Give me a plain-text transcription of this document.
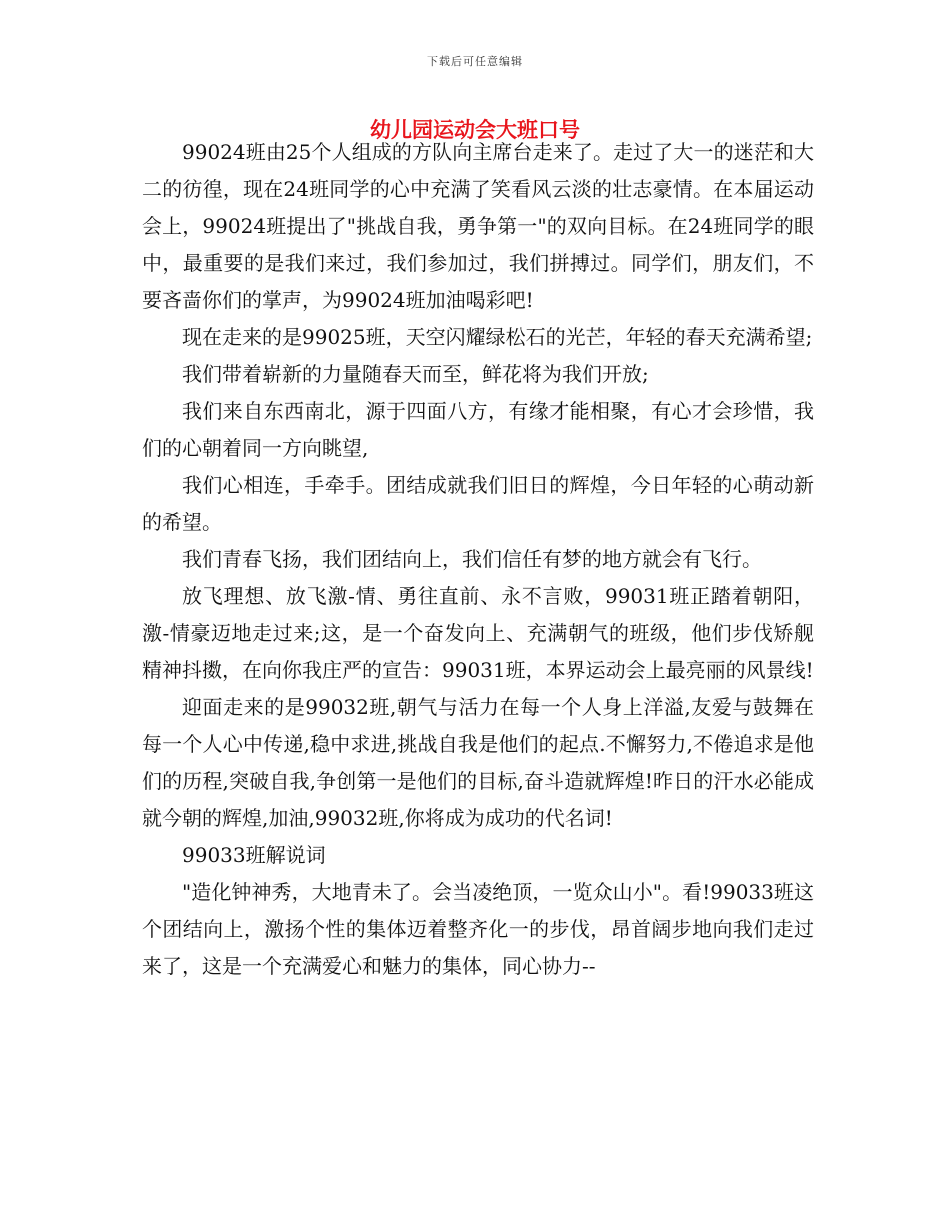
下载后可任意编辑
幼儿园运动会大班口号

99024班由25个人组成的方队向主席台走来了。走过了大一的迷茫和大二的彷徨，现在24班同学的心中充满了笑看风云淡的壮志豪情。在本届运动会上，99024班提出了"挑战自我，勇争第一"的双向目标。在24班同学的眼中，最重要的是我们来过，我们参加过，我们拼搏过。同学们，朋友们，不要吝啬你们的掌声，为99024班加油喝彩吧!

现在走来的是99025班，天空闪耀绿松石的光芒，年轻的春天充满希望;

我们带着崭新的力量随春天而至，鲜花将为我们开放;

我们来自东西南北，源于四面八方，有缘才能相聚，有心才会珍惜，我们的心朝着同一方向眺望,

我们心相连，手牵手。团结成就我们旧日的辉煌，今日年轻的心萌动新的希望。

我们青春飞扬，我们团结向上，我们信任有梦的地方就会有飞行。

放飞理想、放飞激-情、勇往直前、永不言败，99031班正踏着朝阳，激-情豪迈地走过来;这，是一个奋发向上、充满朝气的班级，他们步伐矫舰精神抖擞，在向你我庄严的宣告：99031班，本界运动会上最亮丽的风景线!

迎面走来的是99032班,朝气与活力在每一个人身上洋溢,友爱与鼓舞在每一个人心中传递,稳中求进,挑战自我是他们的起点.不懈努力,不倦追求是他们的历程,突破自我,争创第一是他们的目标,奋斗造就辉煌!昨日的汗水必能成就今朝的辉煌,加油,99032班,你将成为成功的代名词!

99033班解说词

"造化钟神秀，大地青未了。会当凌绝顶，一览众山小"。看!99033班这个团结向上，激扬个性的集体迈着整齐化一的步伐，昂首阔步地向我们走过来了，这是一个充满爱心和魅力的集体，同心协力--
